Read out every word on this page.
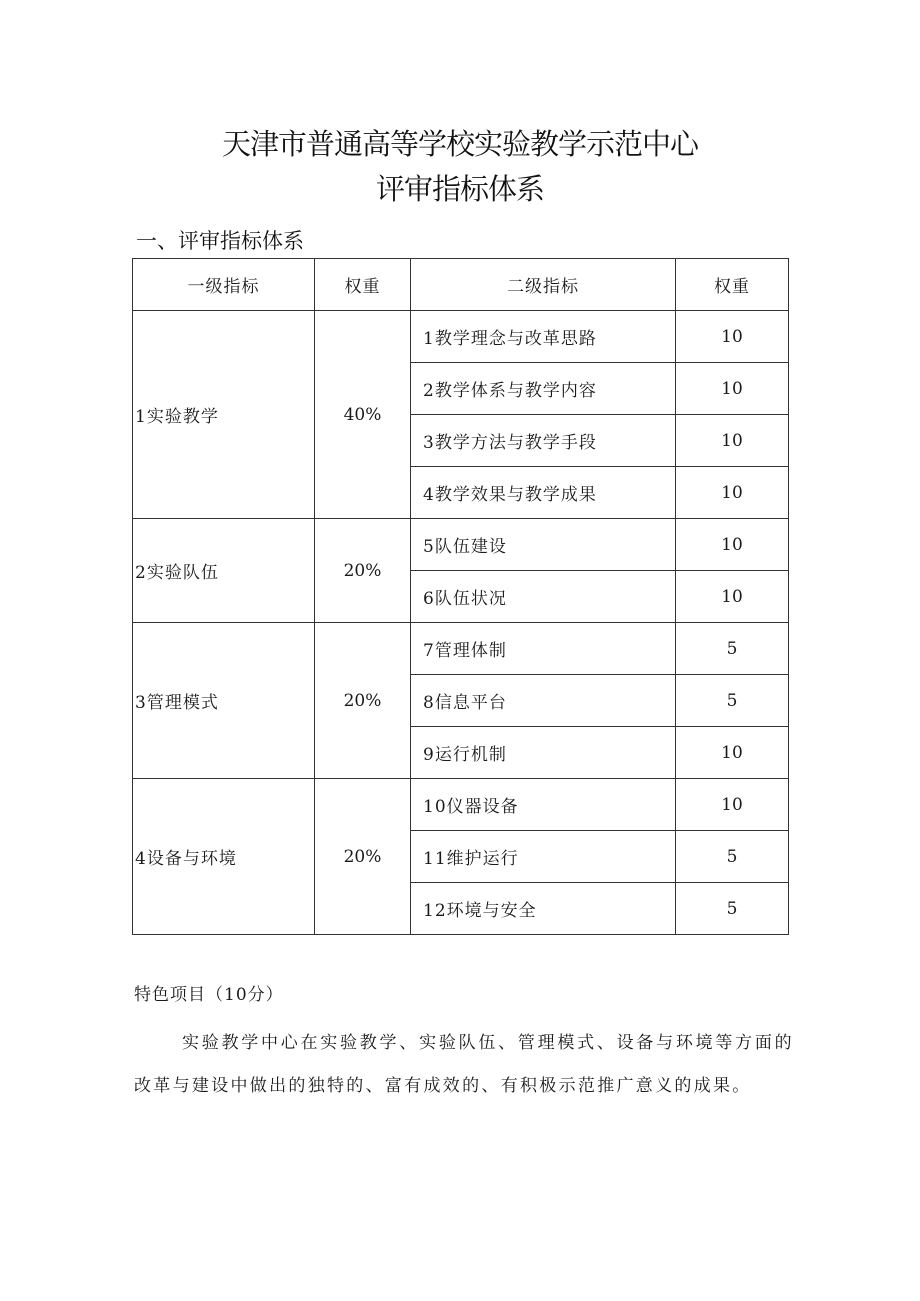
天津市普通高等学校实验教学示范中心
评审指标体系
一、评审指标体系
一级指标	权重	二级指标	权重
1实验教学	40%	1教学理念与改革思路	10
		2教学体系与教学内容	10
		3教学方法与教学手段	10
		4教学效果与教学成果	10
2实验队伍	20%	5队伍建设	10
		6队伍状况	10
3管理模式	20%	7管理体制	5
		8信息平台	5
		9运行机制	10
4设备与环境	20%	10仪器设备	10
		11维护运行	5
		12环境与安全	5
特色项目（10分）

实验教学中心在实验教学、实验队伍、管理模式、设备与环境等方面的改革与建设中做出的独特的、富有成效的、有积极示范推广意义的成果。
